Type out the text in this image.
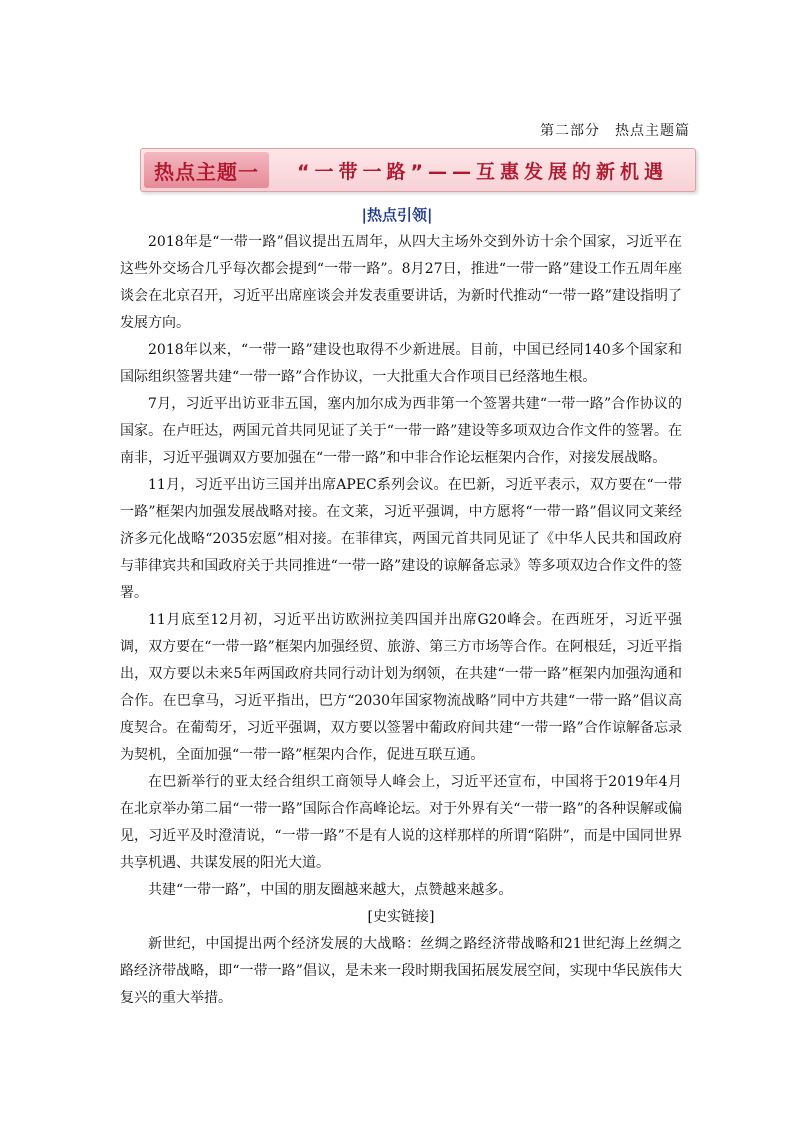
第二部分　热点主题篇
热点主题一	“一带一路”——互惠发展的新机遇
|热点引领|

2018年是“一带一路”倡议提出五周年，从四大主场外交到外访十余个国家，习近平在这些外交场合几乎每次都会提到“一带一路”。8月27日，推进“一带一路”建设工作五周年座谈会在北京召开，习近平出席座谈会并发表重要讲话，为新时代推动“一带一路”建设指明了发展方向。

2018年以来，“一带一路”建设也取得不少新进展。目前，中国已经同140多个国家和国际组织签署共建“一带一路”合作协议，一大批重大合作项目已经落地生根。

7月，习近平出访亚非五国，塞内加尔成为西非第一个签署共建“一带一路”合作协议的国家。在卢旺达，两国元首共同见证了关于“一带一路”建设等多项双边合作文件的签署。在南非，习近平强调双方要加强在“一带一路”和中非合作论坛框架内合作，对接发展战略。

11月，习近平出访三国并出席APEC系列会议。在巴新，习近平表示，双方要在“一带一路”框架内加强发展战略对接。在文莱，习近平强调，中方愿将“一带一路”倡议同文莱经济多元化战略“2035宏愿”相对接。在菲律宾，两国元首共同见证了《中华人民共和国政府与菲律宾共和国政府关于共同推进“一带一路”建设的谅解备忘录》等多项双边合作文件的签署。

11月底至12月初，习近平出访欧洲拉美四国并出席G20峰会。在西班牙，习近平强调，双方要在“一带一路”框架内加强经贸、旅游、第三方市场等合作。在阿根廷，习近平指出，双方要以未来5年两国政府共同行动计划为纲领，在共建“一带一路”框架内加强沟通和合作。在巴拿马，习近平指出，巴方“2030年国家物流战略”同中方共建“一带一路”倡议高度契合。在葡萄牙，习近平强调，双方要以签署中葡政府间共建“一带一路”合作谅解备忘录为契机，全面加强“一带一路”框架内合作，促进互联互通。

在巴新举行的亚太经合组织工商领导人峰会上，习近平还宣布，中国将于2019年4月在北京举办第二届“一带一路”国际合作高峰论坛。对于外界有关“一带一路”的各种误解或偏见，习近平及时澄清说，“一带一路”不是有人说的这样那样的所谓“陷阱”，而是中国同世界共享机遇、共谋发展的阳光大道。

共建“一带一路”，中国的朋友圈越来越大，点赞越来越多。

[史实链接]

新世纪，中国提出两个经济发展的大战略：丝绸之路经济带战略和21世纪海上丝绸之路经济带战略，即“一带一路”倡议，是未来一段时期我国拓展发展空间，实现中华民族伟大复兴的重大举措。
